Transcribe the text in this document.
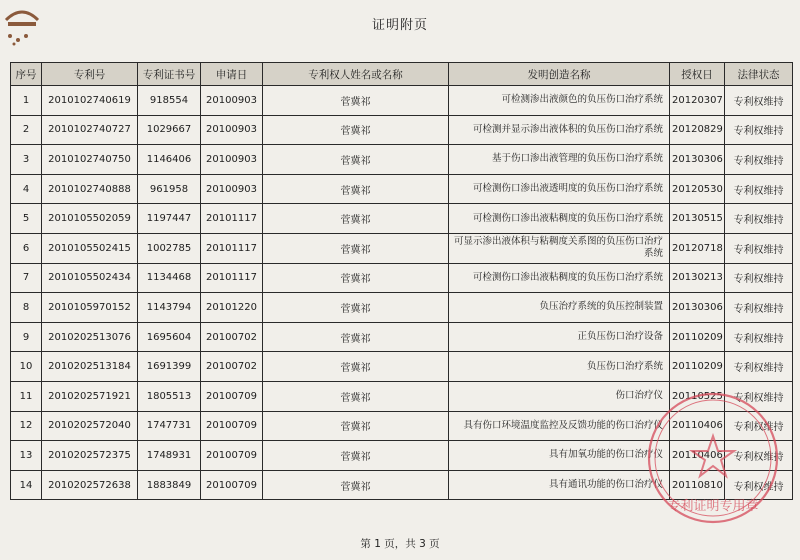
证明附页
序号	专利号	专利证书号	申请日	专利权人姓名或名称	发明创造名称	授权日	法律状态
1	2010102740619	918554	20100903	菅冀祁	可检测渗出液颜色的负压伤口治疗系统	20120307	专利权维持
2	2010102740727	1029667	20100903	菅冀祁	可检测并显示渗出液体积的负压伤口治疗系统	20120829	专利权维持
3	2010102740750	1146406	20100903	菅冀祁	基于伤口渗出液管理的负压伤口治疗系统	20130306	专利权维持
4	2010102740888	961958	20100903	菅冀祁	可检测伤口渗出液透明度的负压伤口治疗系统	20120530	专利权维持
5	2010105502059	1197447	20101117	菅冀祁	可检测伤口渗出液粘稠度的负压伤口治疗系统	20130515	专利权维持
6	2010105502415	1002785	20101117	菅冀祁	可显示渗出液体积与粘稠度关系图的负压伤口治疗系统	20120718	专利权维持
7	2010105502434	1134468	20101117	菅冀祁	可检测伤口渗出液粘稠度的负压伤口治疗系统	20130213	专利权维持
8	2010105970152	1143794	20101220	菅冀祁	负压治疗系统的负压控制装置	20130306	专利权维持
9	2010202513076	1695604	20100702	菅冀祁	正负压伤口治疗设备	20110209	专利权维持
10	2010202513184	1691399	20100702	菅冀祁	负压伤口治疗系统	20110209	专利权维持
11	2010202571921	1805513	20100709	菅冀祁	伤口治疗仪	20110525	专利权维持
12	2010202572040	1747731	20100709	菅冀祁	具有伤口环境温度监控及反馈功能的伤口治疗仪	20110406	专利权维持
13	2010202572375	1748931	20100709	菅冀祁	具有加氧功能的伤口治疗仪	20110406	专利权维持
14	2010202572638	1883849	20100709	菅冀祁	具有通讯功能的伤口治疗仪	20110810	专利权维持
专利证明专用章
第 1 页，共 3 页
